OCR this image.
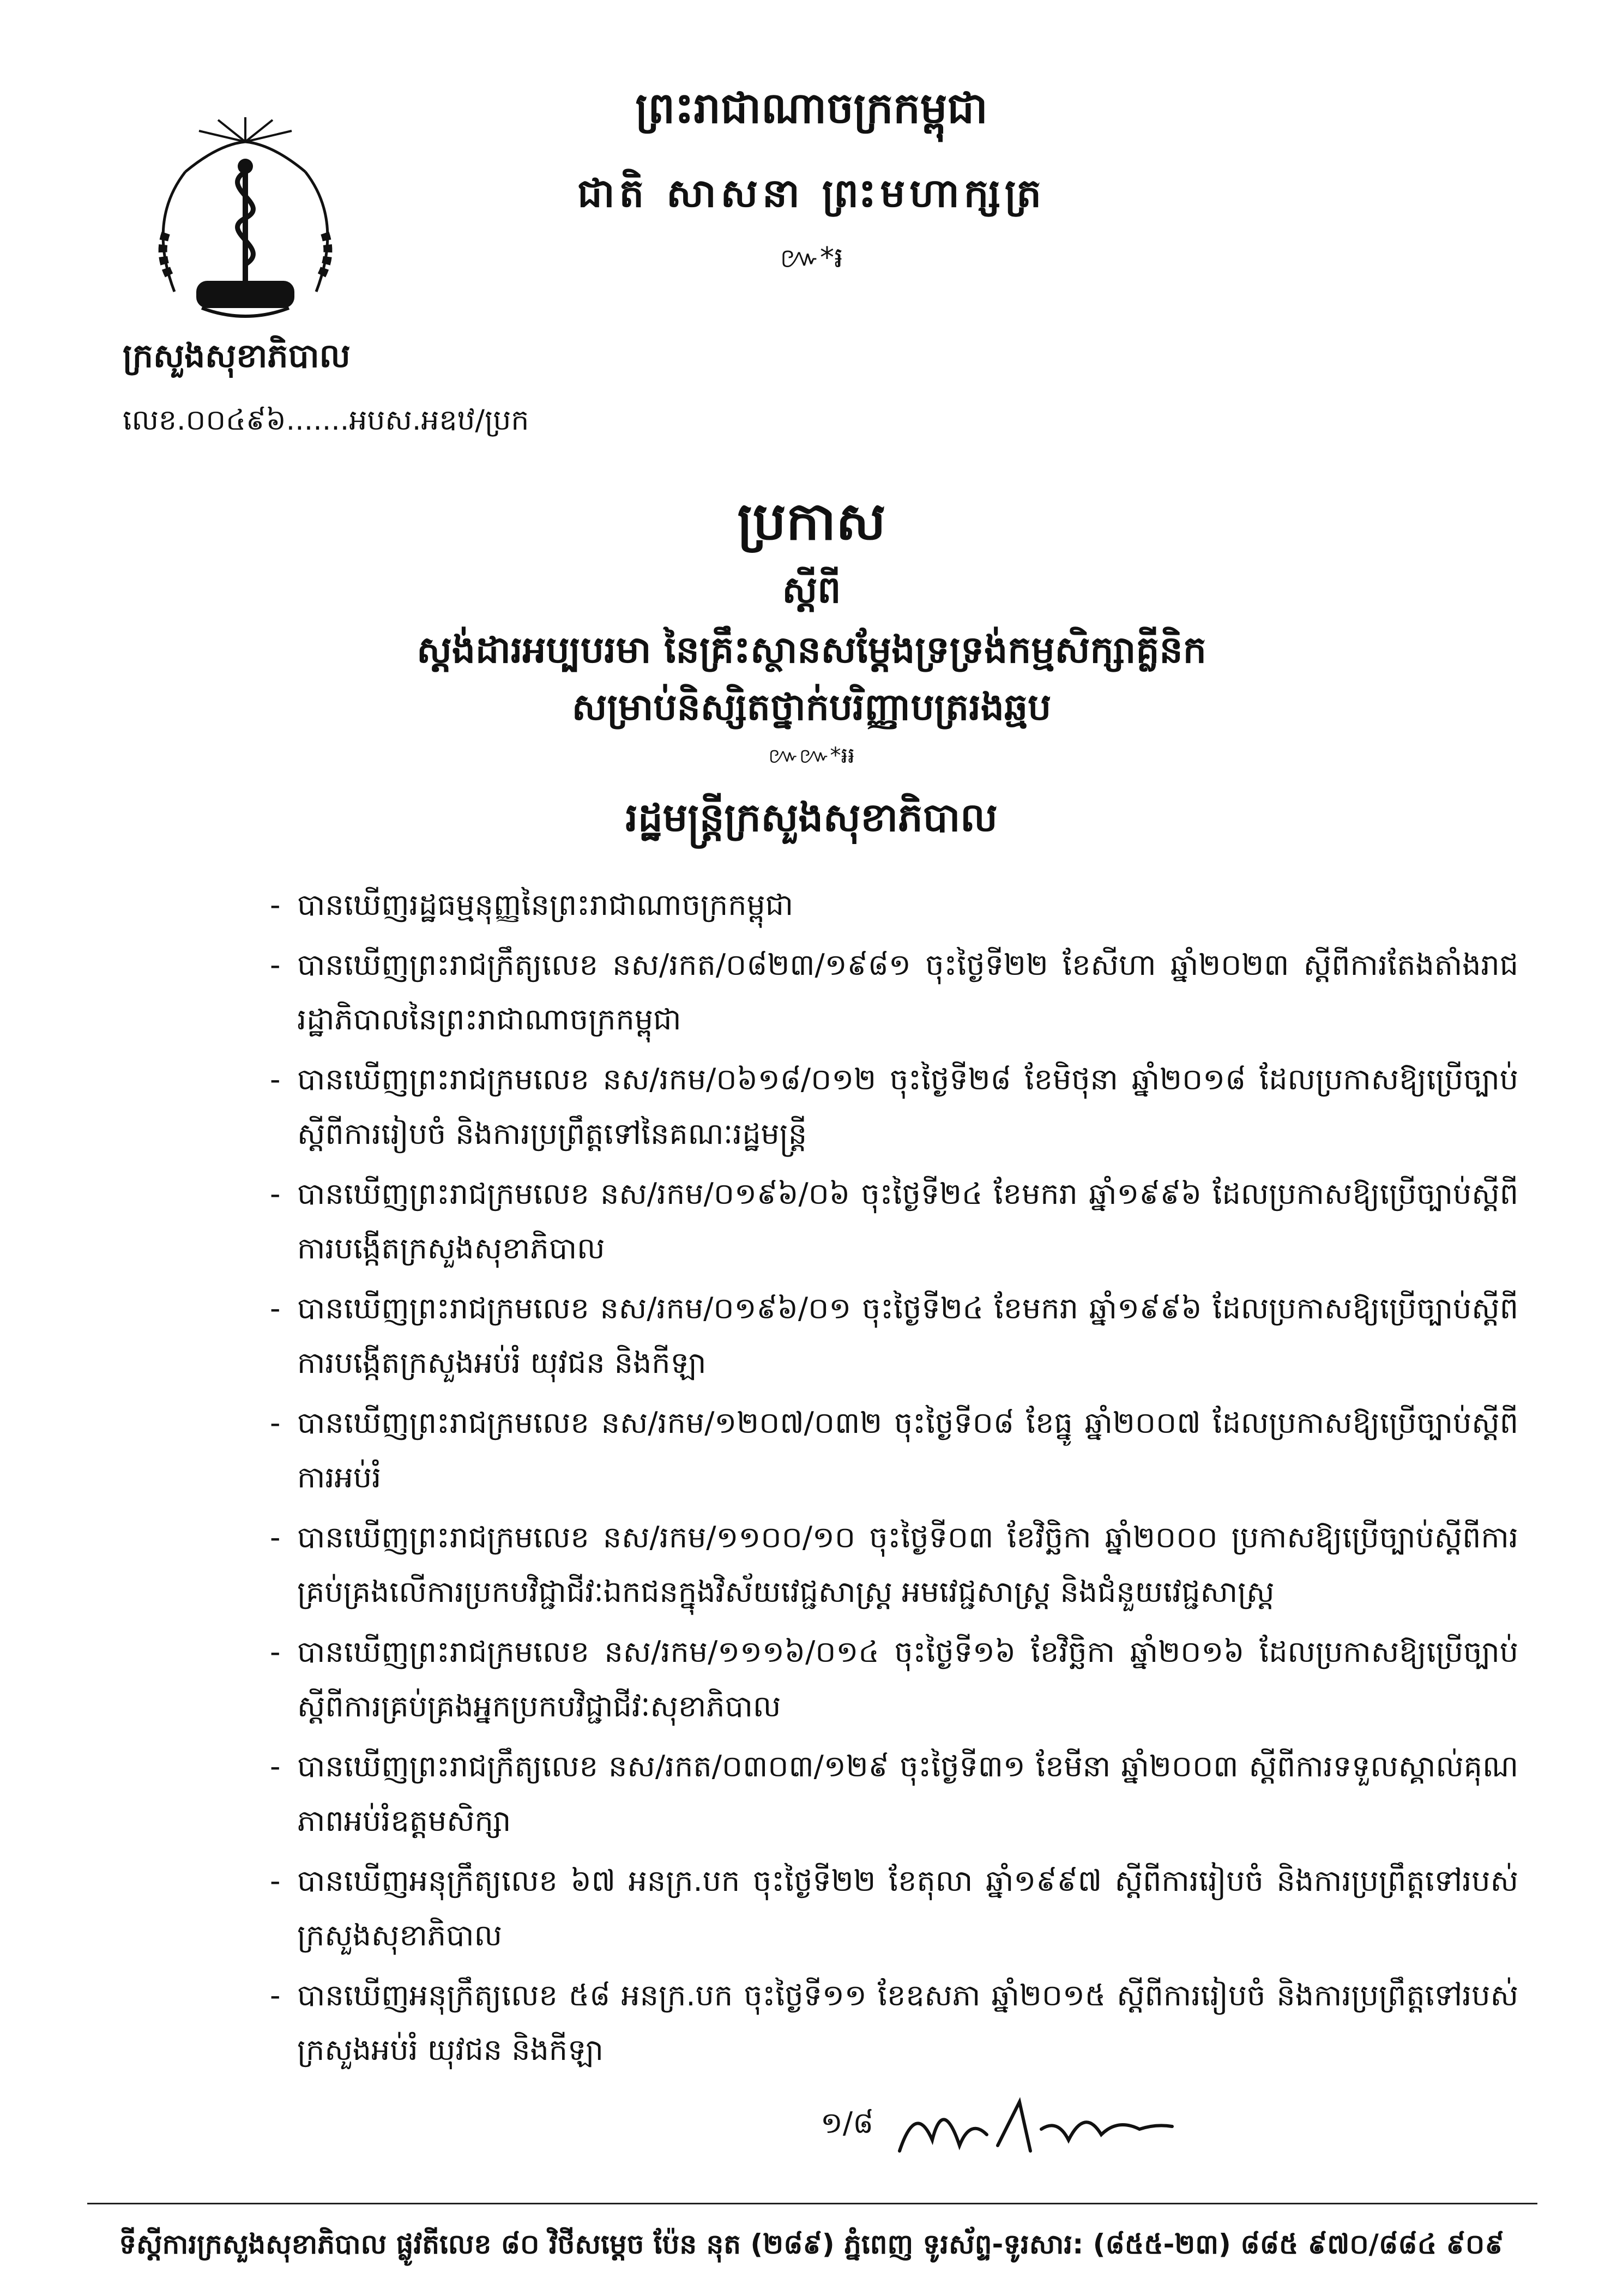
ព្រះរាជាណាចក្រកម្ពុជា
ជាតិ សាសនា ព្រះមហាក្សត្រ
៚*៛
ក្រសួងសុខាភិបាល
លេខ.០០៤៩៦.......អបស.អឧឋ/ប្រក
ប្រកាស
ស្ដីពី
ស្តង់ដារអប្បបរមា នៃគ្រឹះស្ថានសម្តែងទ្រទ្រង់កម្មសិក្សាគ្លីនិក
សម្រាប់និស្សិតថ្នាក់បរិញ្ញាបត្ររងឆ្មប
៚៚*៛៛
រដ្ឋមន្ត្រីក្រសួងសុខាភិបាល
- បានឃើញរដ្ឋធម្មនុញ្ញនៃព្រះរាជាណាចក្រកម្ពុជា
- បានឃើញព្រះរាជក្រឹត្យលេខ នស/រកត/០៨២៣/១៩៨១ ចុះថ្ងៃទី២២ ខែសីហា ឆ្នាំ២០២៣ ស្តីពីការតែងតាំងរាជរដ្ឋាភិបាលនៃព្រះរាជាណាចក្រកម្ពុជា
- បានឃើញព្រះរាជក្រមលេខ នស/រកម/០៦១៨/០១២ ចុះថ្ងៃទី២៨ ខែមិថុនា ឆ្នាំ២០១៨ ដែលប្រកាសឱ្យប្រើច្បាប់ស្តីពីការរៀបចំ និងការប្រព្រឹត្តទៅនៃគណៈរដ្ឋមន្ត្រី
- បានឃើញព្រះរាជក្រមលេខ នស/រកម/០១៩៦/០៦ ចុះថ្ងៃទី២៤ ខែមករា ឆ្នាំ១៩៩៦ ដែលប្រកាសឱ្យប្រើច្បាប់ស្តីពីការបង្កើតក្រសួងសុខាភិបាល
- បានឃើញព្រះរាជក្រមលេខ នស/រកម/០១៩៦/០១ ចុះថ្ងៃទី២៤ ខែមករា ឆ្នាំ១៩៩៦ ដែលប្រកាសឱ្យប្រើច្បាប់ស្តីពីការបង្កើតក្រសួងអប់រំ យុវជន និងកីឡា
- បានឃើញព្រះរាជក្រមលេខ នស/រកម/១២០៧/០៣២ ចុះថ្ងៃទី០៨ ខែធ្នូ ឆ្នាំ២០០៧ ដែលប្រកាសឱ្យប្រើច្បាប់ស្តីពីការអប់រំ
- បានឃើញព្រះរាជក្រមលេខ នស/រកម/១១០០/១០ ចុះថ្ងៃទី០៣ ខែវិច្ឆិកា ឆ្នាំ២០០០ ប្រកាសឱ្យប្រើច្បាប់ស្តីពីការគ្រប់គ្រងលើការប្រកបវិជ្ជាជីវៈឯកជនក្នុងវិស័យវេជ្ជសាស្ត្រ អមវេជ្ជសាស្ត្រ និងជំនួយវេជ្ជសាស្ត្រ
- បានឃើញព្រះរាជក្រមលេខ នស/រកម/១១១៦/០១៤ ចុះថ្ងៃទី១៦ ខែវិច្ឆិកា ឆ្នាំ២០១៦ ដែលប្រកាសឱ្យប្រើច្បាប់ស្តីពីការគ្រប់គ្រងអ្នកប្រកបវិជ្ជាជីវៈសុខាភិបាល
- បានឃើញព្រះរាជក្រឹត្យលេខ នស/រកត/០៣០៣/១២៩ ចុះថ្ងៃទី៣១ ខែមីនា ឆ្នាំ២០០៣ ស្តីពីការទទួលស្គាល់គុណភាពអប់រំឧត្តមសិក្សា
- បានឃើញអនុក្រឹត្យលេខ ៦៧ អនក្រ.បក ចុះថ្ងៃទី២២ ខែតុលា ឆ្នាំ១៩៩៧ ស្តីពីការរៀបចំ និងការប្រព្រឹត្តទៅរបស់ក្រសួងសុខាភិបាល
- បានឃើញអនុក្រឹត្យលេខ ៥៨ អនក្រ.បក ចុះថ្ងៃទី១១ ខែឧសភា ឆ្នាំ២០១៥ ស្តីពីការរៀបចំ និងការប្រព្រឹត្តទៅរបស់ក្រសួងអប់រំ យុវជន និងកីឡា
១/៨
ទីស្តីការក្រសួងសុខាភិបាល ផ្លូវតីលេខ ៨០ វិថីសម្តេច ប៉ែន នុត (២៨៩) ភ្នំពេញ ទូរស័ព្ទ-ទូរសារ: (៨៥៥-២៣) ៨៨៥ ៩៧០/៨៨៤ ៩០៩
